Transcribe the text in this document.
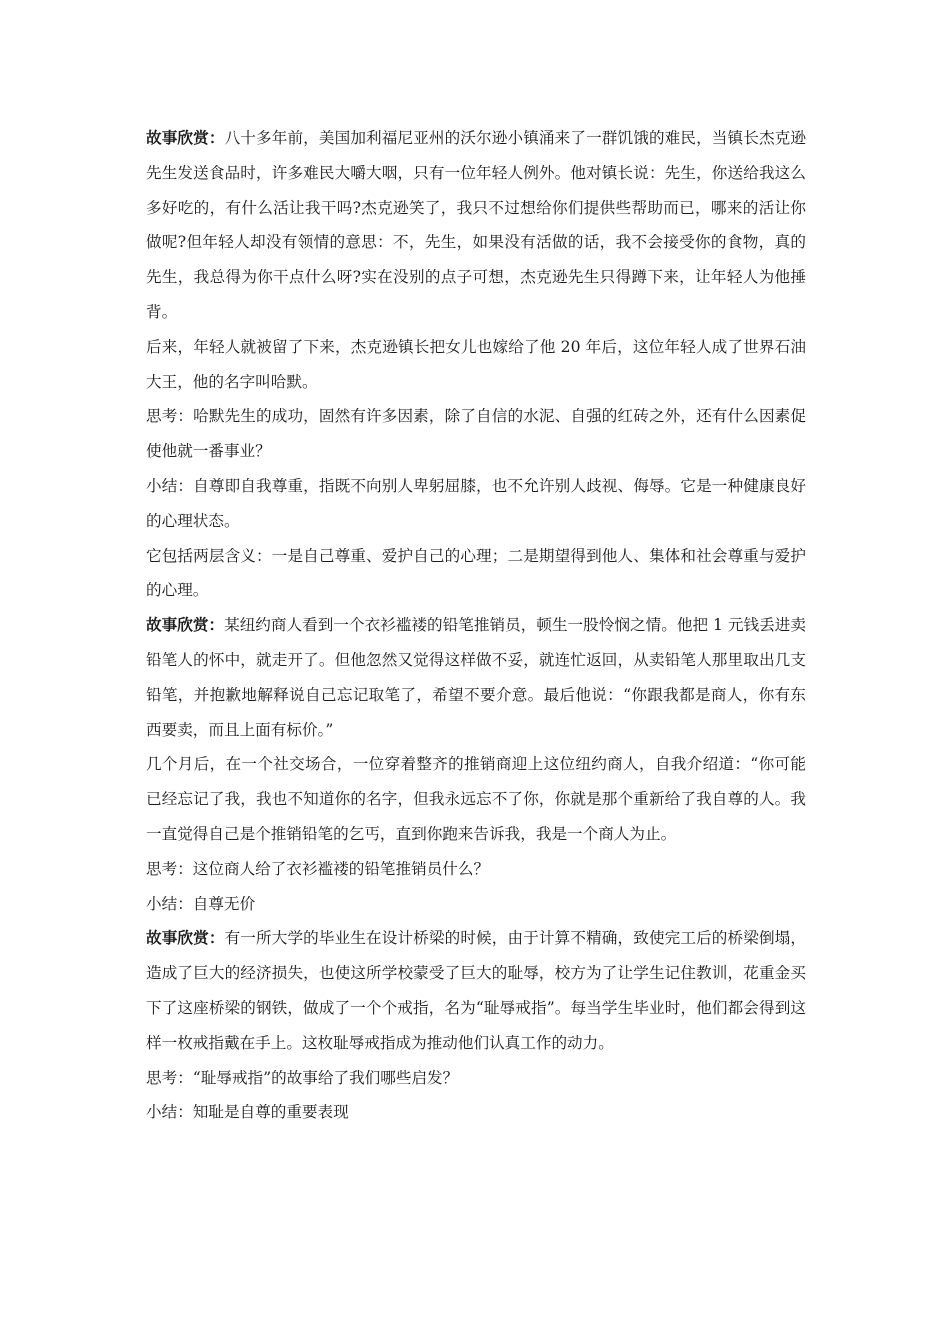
故事欣赏：八十多年前，美国加利福尼亚州的沃尔逊小镇涌来了一群饥饿的难民，当镇长杰克逊先生发送食品时，许多难民大嚼大咽，只有一位年轻人例外。他对镇长说：先生，你送给我这么多好吃的，有什么活让我干吗?杰克逊笑了，我只不过想给你们提供些帮助而已，哪来的活让你做呢?但年轻人却没有领情的意思：不，先生，如果没有活做的话，我不会接受你的食物，真的先生，我总得为你干点什么呀?实在没别的点子可想，杰克逊先生只得蹲下来，让年轻人为他捶背。

后来，年轻人就被留了下来，杰克逊镇长把女儿也嫁给了他 20 年后，这位年轻人成了世界石油大王，他的名字叫哈默。

思考：哈默先生的成功，固然有许多因素，除了自信的水泥、自强的红砖之外，还有什么因素促使他就一番事业？

小结：自尊即自我尊重，指既不向别人卑躬屈膝，也不允许别人歧视、侮辱。它是一种健康良好的心理状态。

它包括两层含义：一是自己尊重、爱护自己的心理；二是期望得到他人、集体和社会尊重与爱护的心理。

故事欣赏：某纽约商人看到一个衣衫褴褛的铅笔推销员，顿生一股怜悯之情。他把 1 元钱丢进卖铅笔人的怀中，就走开了。但他忽然又觉得这样做不妥，就连忙返回，从卖铅笔人那里取出几支铅笔，并抱歉地解释说自己忘记取笔了，希望不要介意。最后他说：“你跟我都是商人，你有东西要卖，而且上面有标价。”

几个月后，在一个社交场合，一位穿着整齐的推销商迎上这位纽约商人，自我介绍道：“你可能已经忘记了我，我也不知道你的名字，但我永远忘不了你，你就是那个重新给了我自尊的人。我一直觉得自己是个推销铅笔的乞丐，直到你跑来告诉我，我是一个商人为止。

思考：这位商人给了衣衫褴褛的铅笔推销员什么？

小结：自尊无价

故事欣赏：有一所大学的毕业生在设计桥梁的时候，由于计算不精确，致使完工后的桥梁倒塌，造成了巨大的经济损失，也使这所学校蒙受了巨大的耻辱，校方为了让学生记住教训，花重金买下了这座桥梁的钢铁，做成了一个个戒指，名为“耻辱戒指”。每当学生毕业时，他们都会得到这样一枚戒指戴在手上。这枚耻辱戒指成为推动他们认真工作的动力。

思考：“耻辱戒指”的故事给了我们哪些启发？

小结：知耻是自尊的重要表现
